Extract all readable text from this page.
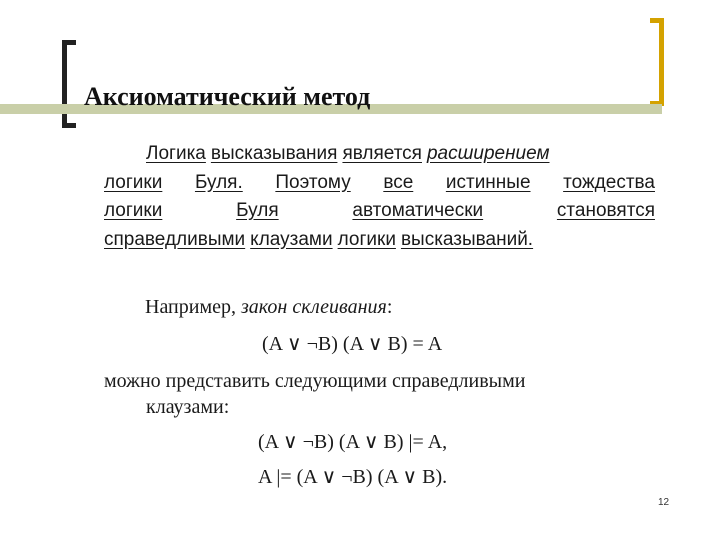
Аксиоматический метод
Логика высказывания является расширением
логики Буля. Поэтому все истинные тождества
логики	Буля	автоматически	становятся
справедливыми клаузами логики высказываний.
Например, закон склеивания:
(A ∨ ¬B) (A ∨ B) = A
можно представить следующими справедливыми
клаузами:
(A ∨ ¬B) (A ∨ B) |= A,
A |= (A ∨ ¬B) (A ∨ B).
12
